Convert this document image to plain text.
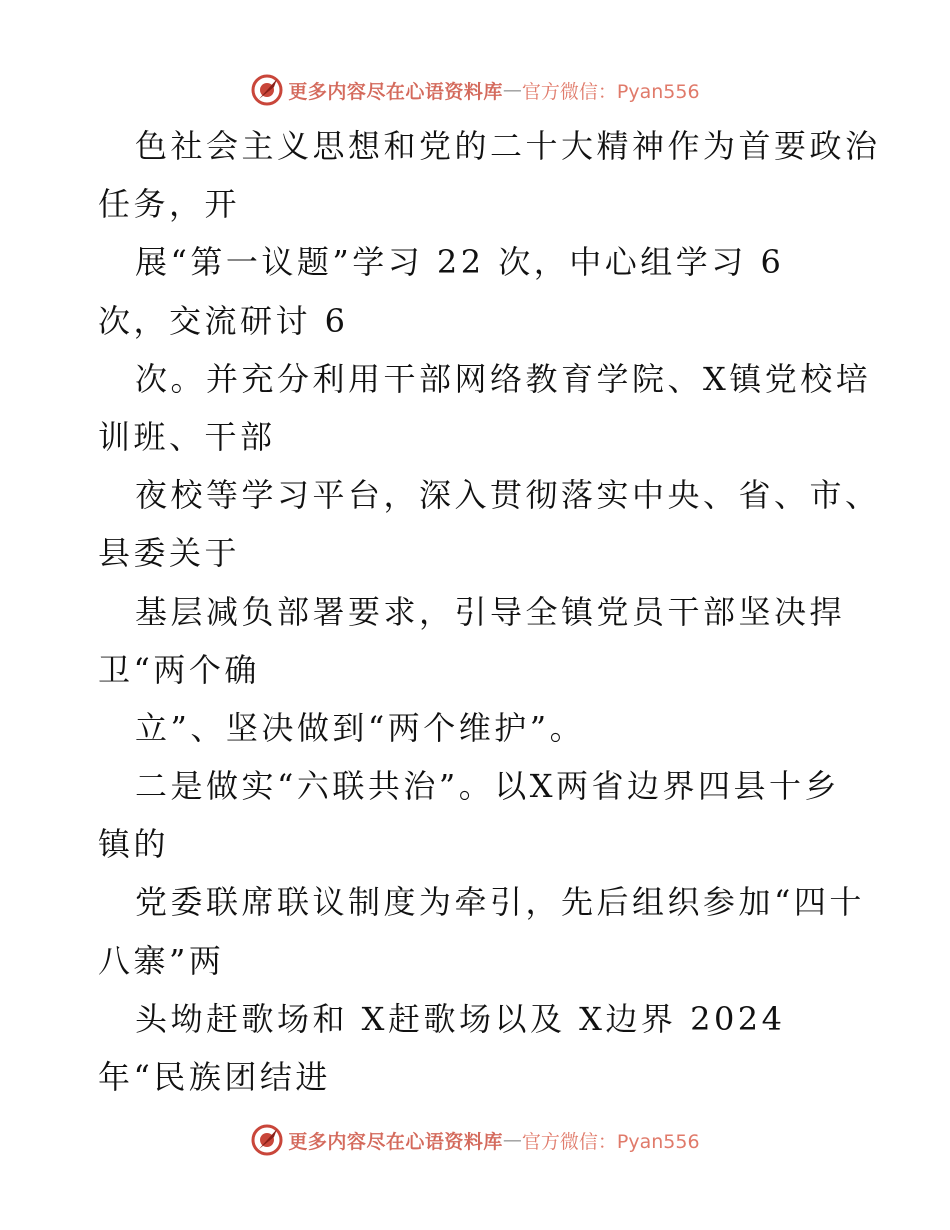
更多内容尽在心语资料库 — 官方微信：Pyan556
色社会主义思想和党的二十大精神作为首要政治
任务，开
展“第一议题”学习 22 次，中心组学习 6
次，交流研讨 6
次。并充分利用干部网络教育学院、X镇党校培
训班、干部
夜校等学习平台，深入贯彻落实中央、省、市、
县委关于
基层减负部署要求，引导全镇党员干部坚决捍
卫“两个确
立”、坚决做到“两个维护”。
二是做实“六联共治”。以X两省边界四县十乡
镇的
党委联席联议制度为牵引，先后组织参加“四十
八寨”两
头坳赶歌场和 X赶歌场以及 X边界 2024
年“民族团结进
更多内容尽在心语资料库 — 官方微信：Pyan556
